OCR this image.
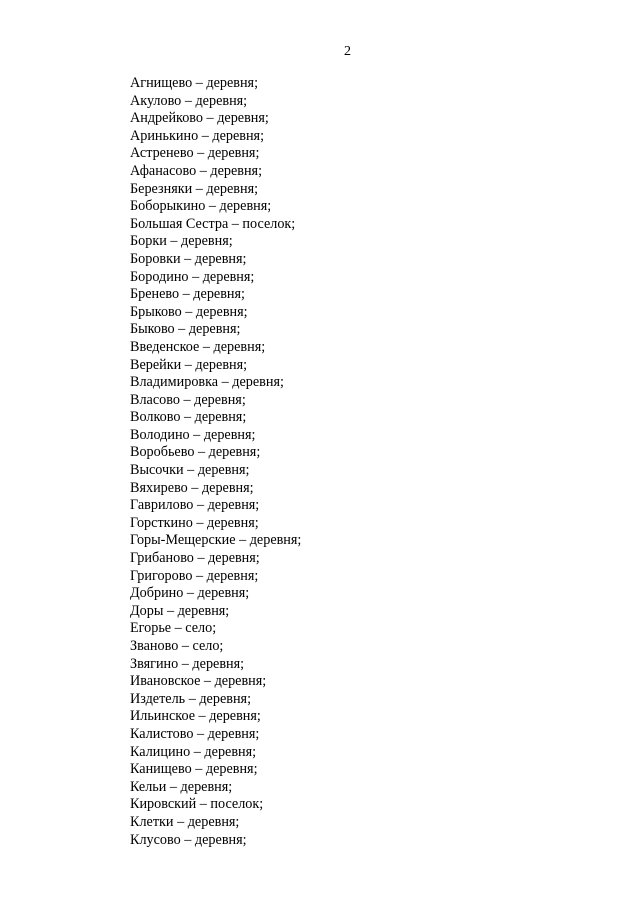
2
Агнищево – деревня;
Акулово – деревня;
Андрейково – деревня;
Аринькино – деревня;
Астренево – деревня;
Афанасово – деревня;
Березняки – деревня;
Боборыкино – деревня;
Большая Сестра – поселок;
Борки – деревня;
Боровки – деревня;
Бородино – деревня;
Бренево – деревня;
Брыково – деревня;
Быково – деревня;
Введенское – деревня;
Верейки – деревня;
Владимировка – деревня;
Власово – деревня;
Волково – деревня;
Володино – деревня;
Воробьево – деревня;
Высочки – деревня;
Вяхирево – деревня;
Гаврилово – деревня;
Горсткино – деревня;
Горы-Мещерские – деревня;
Грибаново – деревня;
Григорово – деревня;
Добрино – деревня;
Доры – деревня;
Егорье – село;
Званово – село;
Звягино – деревня;
Ивановское – деревня;
Издетель – деревня;
Ильинское – деревня;
Калистово – деревня;
Калицино – деревня;
Канищево – деревня;
Кельи – деревня;
Кировский – поселок;
Клетки – деревня;
Клусово – деревня;
